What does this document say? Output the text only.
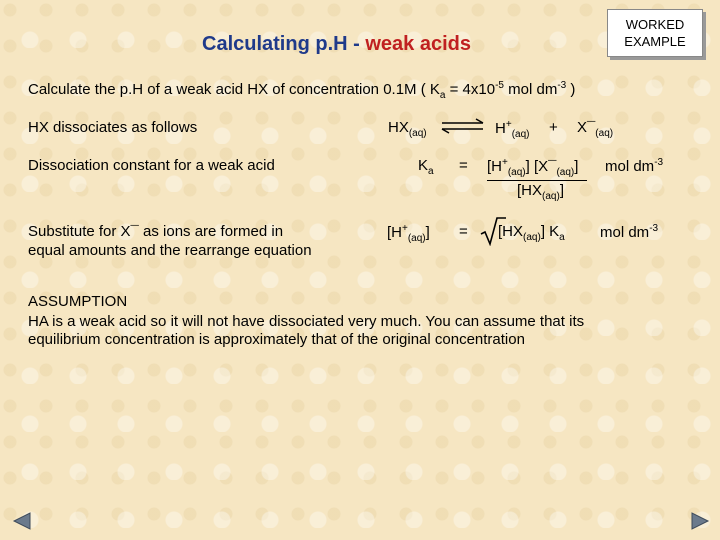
Calculating p.H - weak acids
WORKED
EXAMPLE
Calculate the p.H of a weak acid HX of concentration 0.1M ( $K_a = 4x10^{-5}$ mol $dm^{-3}$ )
HX dissociates as follows	$HX_{(aq)}$ ⇌ $H^+_{(aq)}$ + $X¯_{(aq)}$
Dissociation constant for a weak acid	$K_a = [H^+_{(aq)}]$ $[X¯_{(aq)}]$
$[HX_{(aq)}]$
mol $dm^{-3}$
Substitute for X¯ as ions are formed in
equal amounts and the rearrange equation
$[H^+_{(aq)}] = [HX_{(aq)}]$ $K_a$ mol $dm^{-3}$
ASSUMPTION
HA is a weak acid so it will not have dissociated very much. You can assume that its
equilibrium concentration is approximately that of the original concentration
